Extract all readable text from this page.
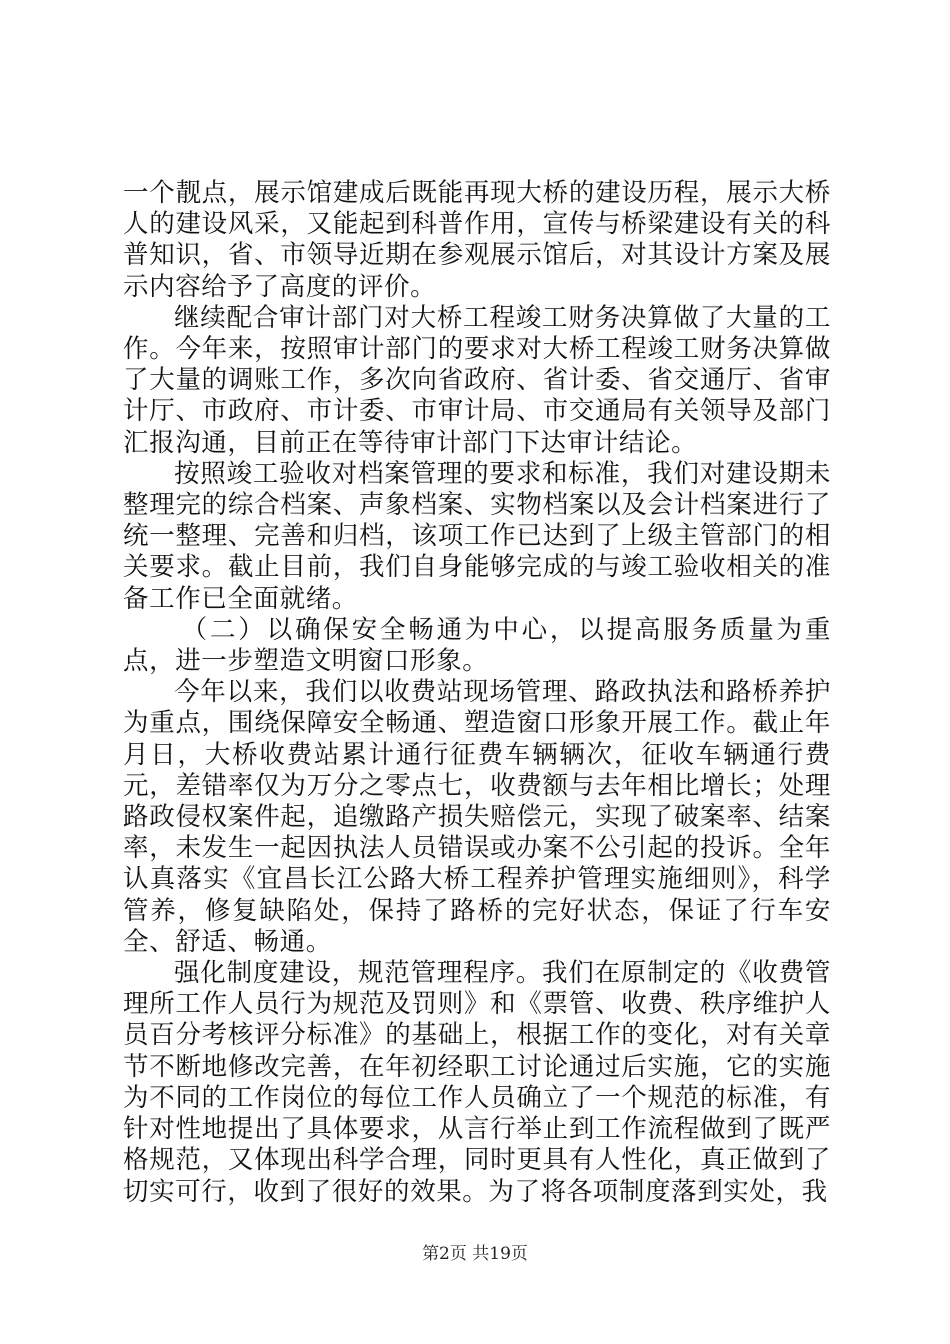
一个靓点，展示馆建成后既能再现大桥的建设历程，展示大桥人的建设风采，又能起到科普作用，宣传与桥梁建设有关的科普知识，省、市领导近期在参观展示馆后，对其设计方案及展示内容给予了高度的评价。

继续配合审计部门对大桥工程竣工财务决算做了大量的工作。今年来，按照审计部门的要求对大桥工程竣工财务决算做了大量的调账工作，多次向省政府、省计委、省交通厅、省审计厅、市政府、市计委、市审计局、市交通局有关领导及部门汇报沟通，目前正在等待审计部门下达审计结论。

按照竣工验收对档案管理的要求和标准，我们对建设期未整理完的综合档案、声象档案、实物档案以及会计档案进行了统一整理、完善和归档，该项工作已达到了上级主管部门的相关要求。截止目前，我们自身能够完成的与竣工验收相关的准备工作已全面就绪。

（二）以确保安全畅通为中心，以提高服务质量为重点，进一步塑造文明窗口形象。

今年以来，我们以收费站现场管理、路政执法和路桥养护为重点，围绕保障安全畅通、塑造窗口形象开展工作。截止年月日，大桥收费站累计通行征费车辆辆次，征收车辆通行费元，差错率仅为万分之零点七，收费额与去年相比增长；处理路政侵权案件起，追缴路产损失赔偿元，实现了破案率、结案率，未发生一起因执法人员错误或办案不公引起的投诉。全年认真落实《宜昌长江公路大桥工程养护管理实施细则》，科学管养，修复缺陷处，保持了路桥的完好状态，保证了行车安全、舒适、畅通。

强化制度建设，规范管理程序。我们在原制定的《收费管理所工作人员行为规范及罚则》和《票管、收费、秩序维护人员百分考核评分标准》的基础上，根据工作的变化，对有关章节不断地修改完善，在年初经职工讨论通过后实施，它的实施为不同的工作岗位的每位工作人员确立了一个规范的标准，有针对性地提出了具体要求，从言行举止到工作流程做到了既严格规范，又体现出科学合理，同时更具有人性化，真正做到了切实可行，收到了很好的效果。为了将各项制度落到实处，我

第2页 共19页
